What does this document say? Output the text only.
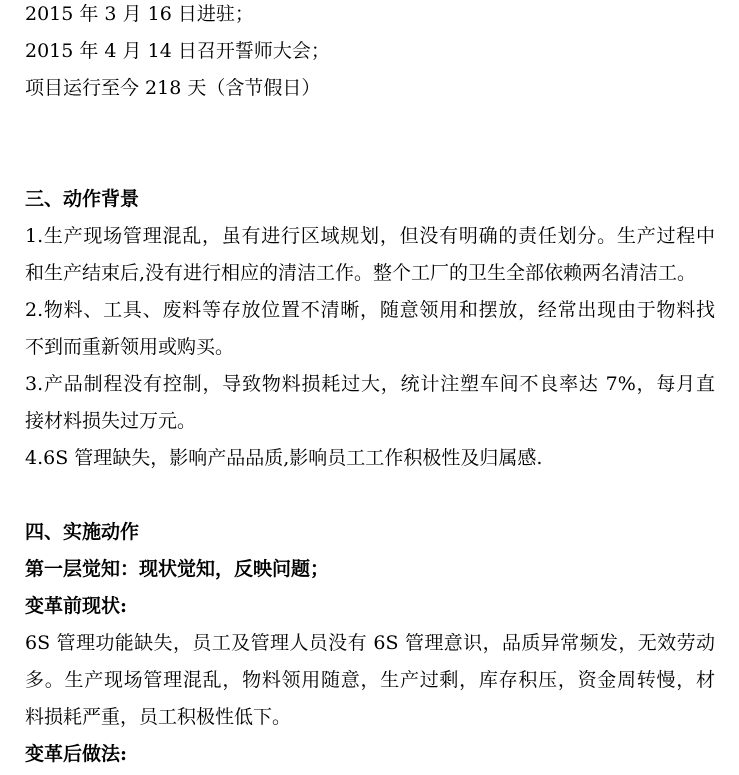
2015 年 3 月 16 日进驻；

2015 年 4 月 14 日召开誓师大会；

项目运行至今 218 天（含节假日）

三、动作背景

1.生产现场管理混乱，虽有进行区域规划，但没有明确的责任划分。生产过程中

和生产结束后,没有进行相应的清洁工作。整个工厂的卫生全部依赖两名清洁工。

2.物料、工具、废料等存放位置不清晰，随意领用和摆放，经常出现由于物料找

不到而重新领用或购买。

3.产品制程没有控制，导致物料损耗过大，统计注塑车间不良率达 7%，每月直

接材料损失过万元。

4.6S 管理缺失，影响产品品质,影响员工工作积极性及归属感.

四、实施动作

第一层觉知：现状觉知，反映问题；

变革前现状:

6S 管理功能缺失，员工及管理人员没有 6S 管理意识，品质异常频发，无效劳动

多。生产现场管理混乱，物料领用随意，生产过剩，库存积压，资金周转慢，材

料损耗严重，员工积极性低下。

变革后做法:
